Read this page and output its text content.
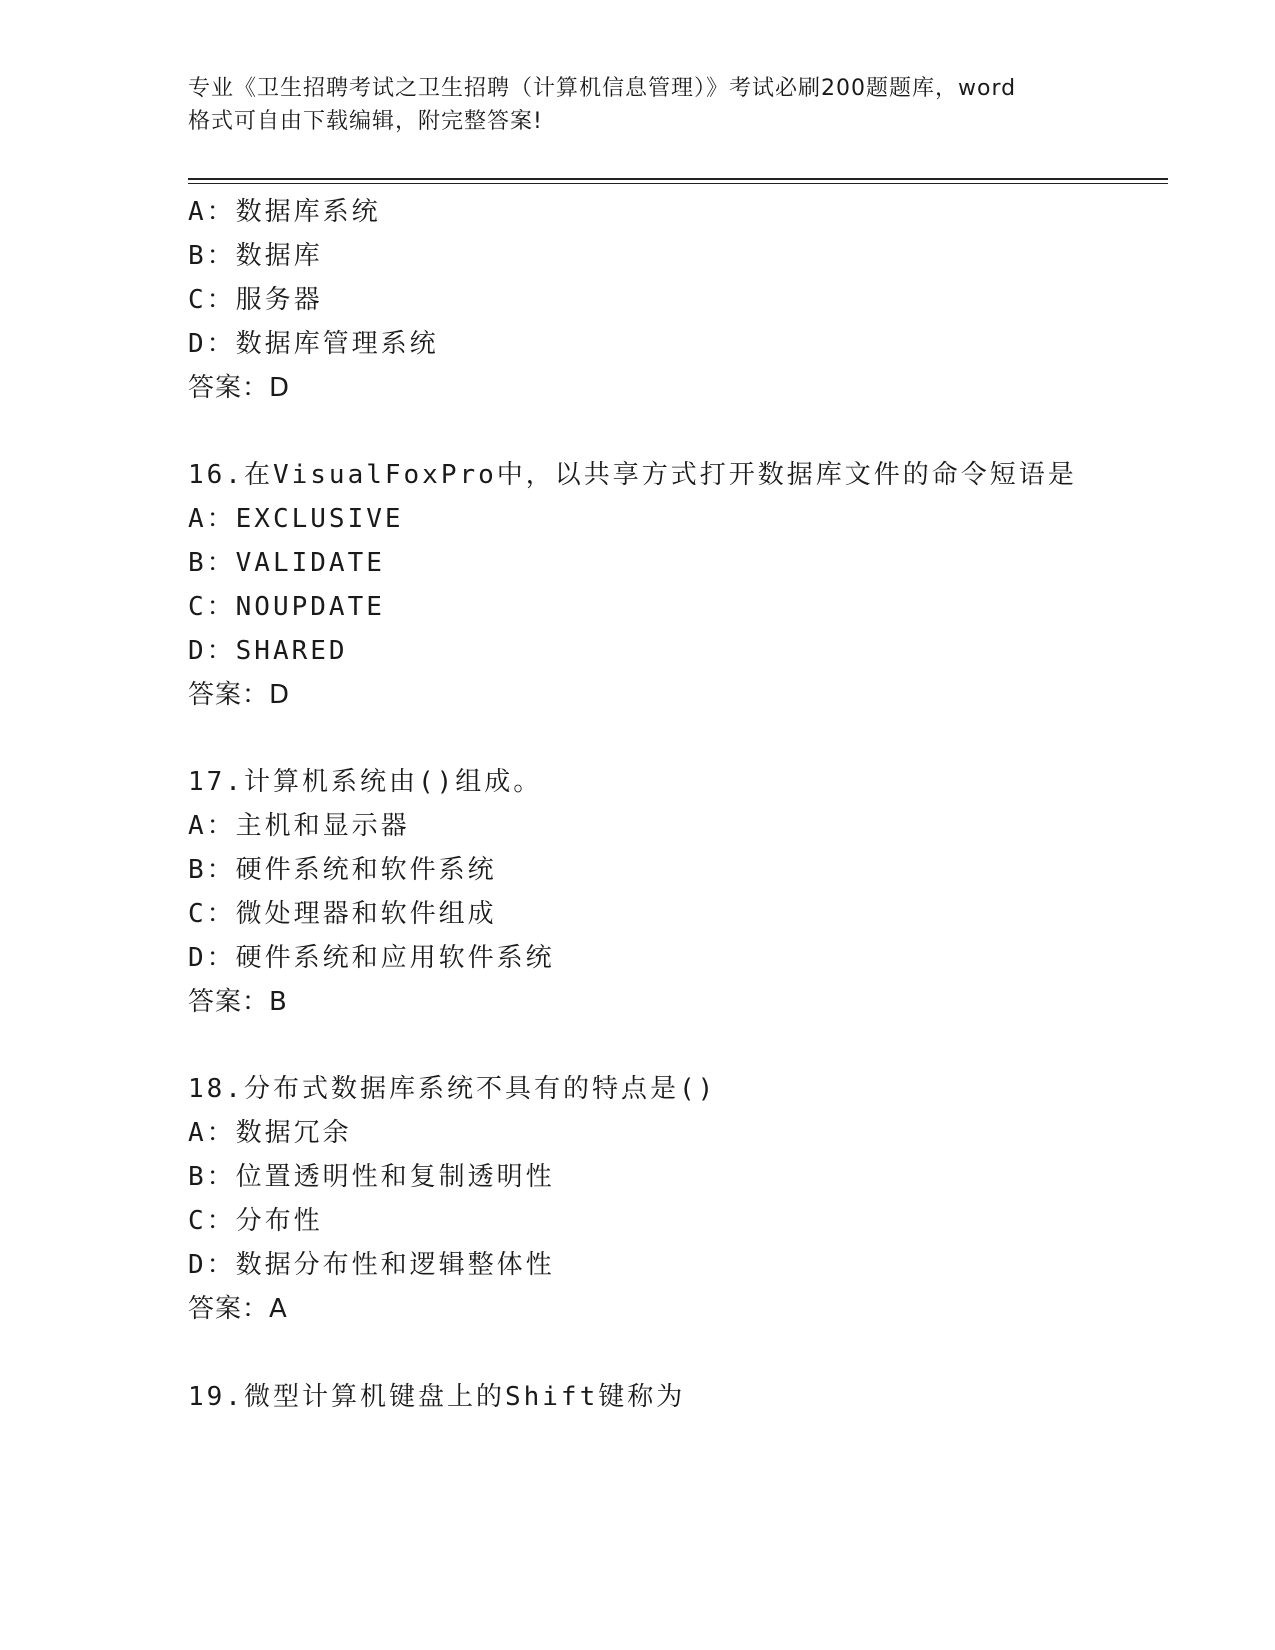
专业《卫生招聘考试之卫生招聘（计算机信息管理）》考试必刷200题题库，word
格式可自由下载编辑，附完整答案!
A：数据库系统
B：数据库
C：服务器
D：数据库管理系统
答案：D
16.在VisualFoxPro中，以共享方式打开数据库文件的命令短语是
A：EXCLUSIVE
B：VALIDATE
C：NOUPDATE
D：SHARED
答案：D
17.计算机系统由()组成。
A：主机和显示器
B：硬件系统和软件系统
C：微处理器和软件组成
D：硬件系统和应用软件系统
答案：B
18.分布式数据库系统不具有的特点是()
A：数据冗余
B：位置透明性和复制透明性
C：分布性
D：数据分布性和逻辑整体性
答案：A
19.微型计算机键盘上的Shift键称为
